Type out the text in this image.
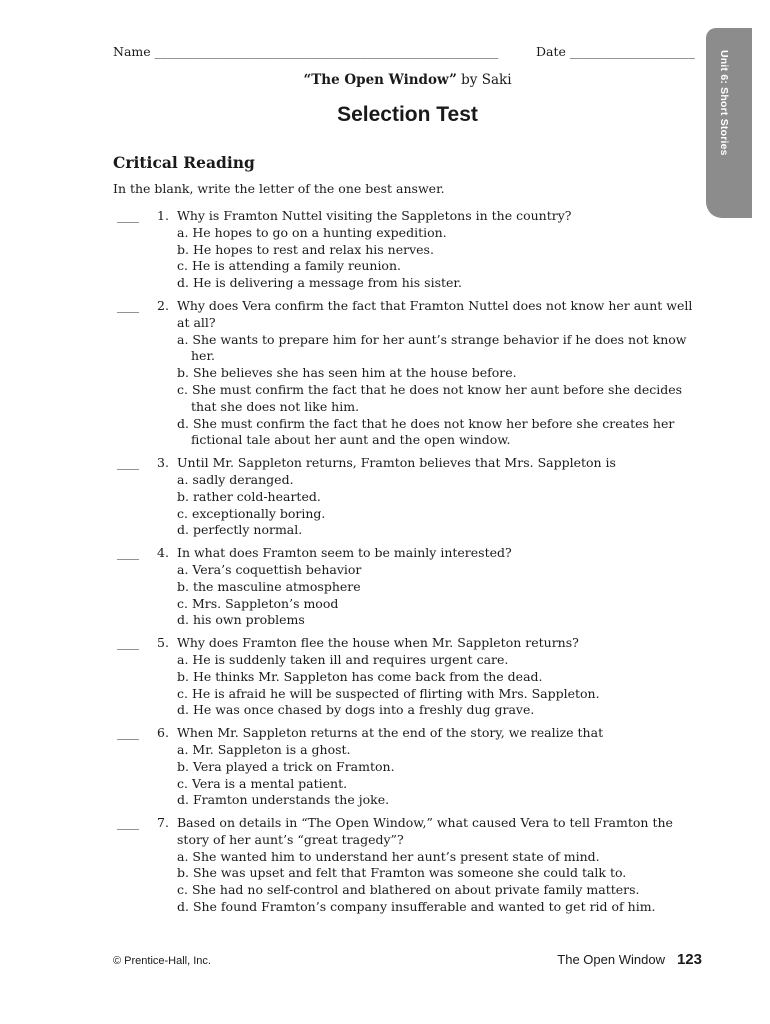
Name _______________________________________________________	Date ____________________ Unit 6: Short Stories
“The Open Window” by Saki
Selection Test
Critical Reading
In the blank, write the letter of the one best answer.
____ 1. Why is Framton Nuttel visiting the Sappletons in the country?
a. He hopes to go on a hunting expedition.
b. He hopes to rest and relax his nerves.
c. He is attending a family reunion.
d. He is delivering a message from his sister.
____ 2. Why does Vera confirm the fact that Framton Nuttel does not know her aunt well at all?
a. She wants to prepare him for her aunt’s strange behavior if he does not know her.
b. She believes she has seen him at the house before.
c. She must confirm the fact that he does not know her aunt before she decides that she does not like him.
d. She must confirm the fact that he does not know her before she creates her fictional tale about her aunt and the open window.
____ 3. Until Mr. Sappleton returns, Framton believes that Mrs. Sappleton is
a. sadly deranged.
b. rather cold-hearted.
c. exceptionally boring.
d. perfectly normal.
____ 4. In what does Framton seem to be mainly interested?
a. Vera’s coquettish behavior
b. the masculine atmosphere
c. Mrs. Sappleton’s mood
d. his own problems
____ 5. Why does Framton flee the house when Mr. Sappleton returns?
a. He is suddenly taken ill and requires urgent care.
b. He thinks Mr. Sappleton has come back from the dead.
c. He is afraid he will be suspected of flirting with Mrs. Sappleton.
d. He was once chased by dogs into a freshly dug grave.
____ 6. When Mr. Sappleton returns at the end of the story, we realize that
a. Mr. Sappleton is a ghost.
b. Vera played a trick on Framton.
c. Vera is a mental patient.
d. Framton understands the joke.
____ 7. Based on details in “The Open Window,” what caused Vera to tell Framton the story of her aunt’s “great tragedy”?
a. She wanted him to understand her aunt’s present state of mind.
b. She was upset and felt that Framton was someone she could talk to.
c. She had no self-control and blathered on about private family matters.
d. She found Framton’s company insufferable and wanted to get rid of him.
© Prentice-Hall, Inc.	The Open Window 123
